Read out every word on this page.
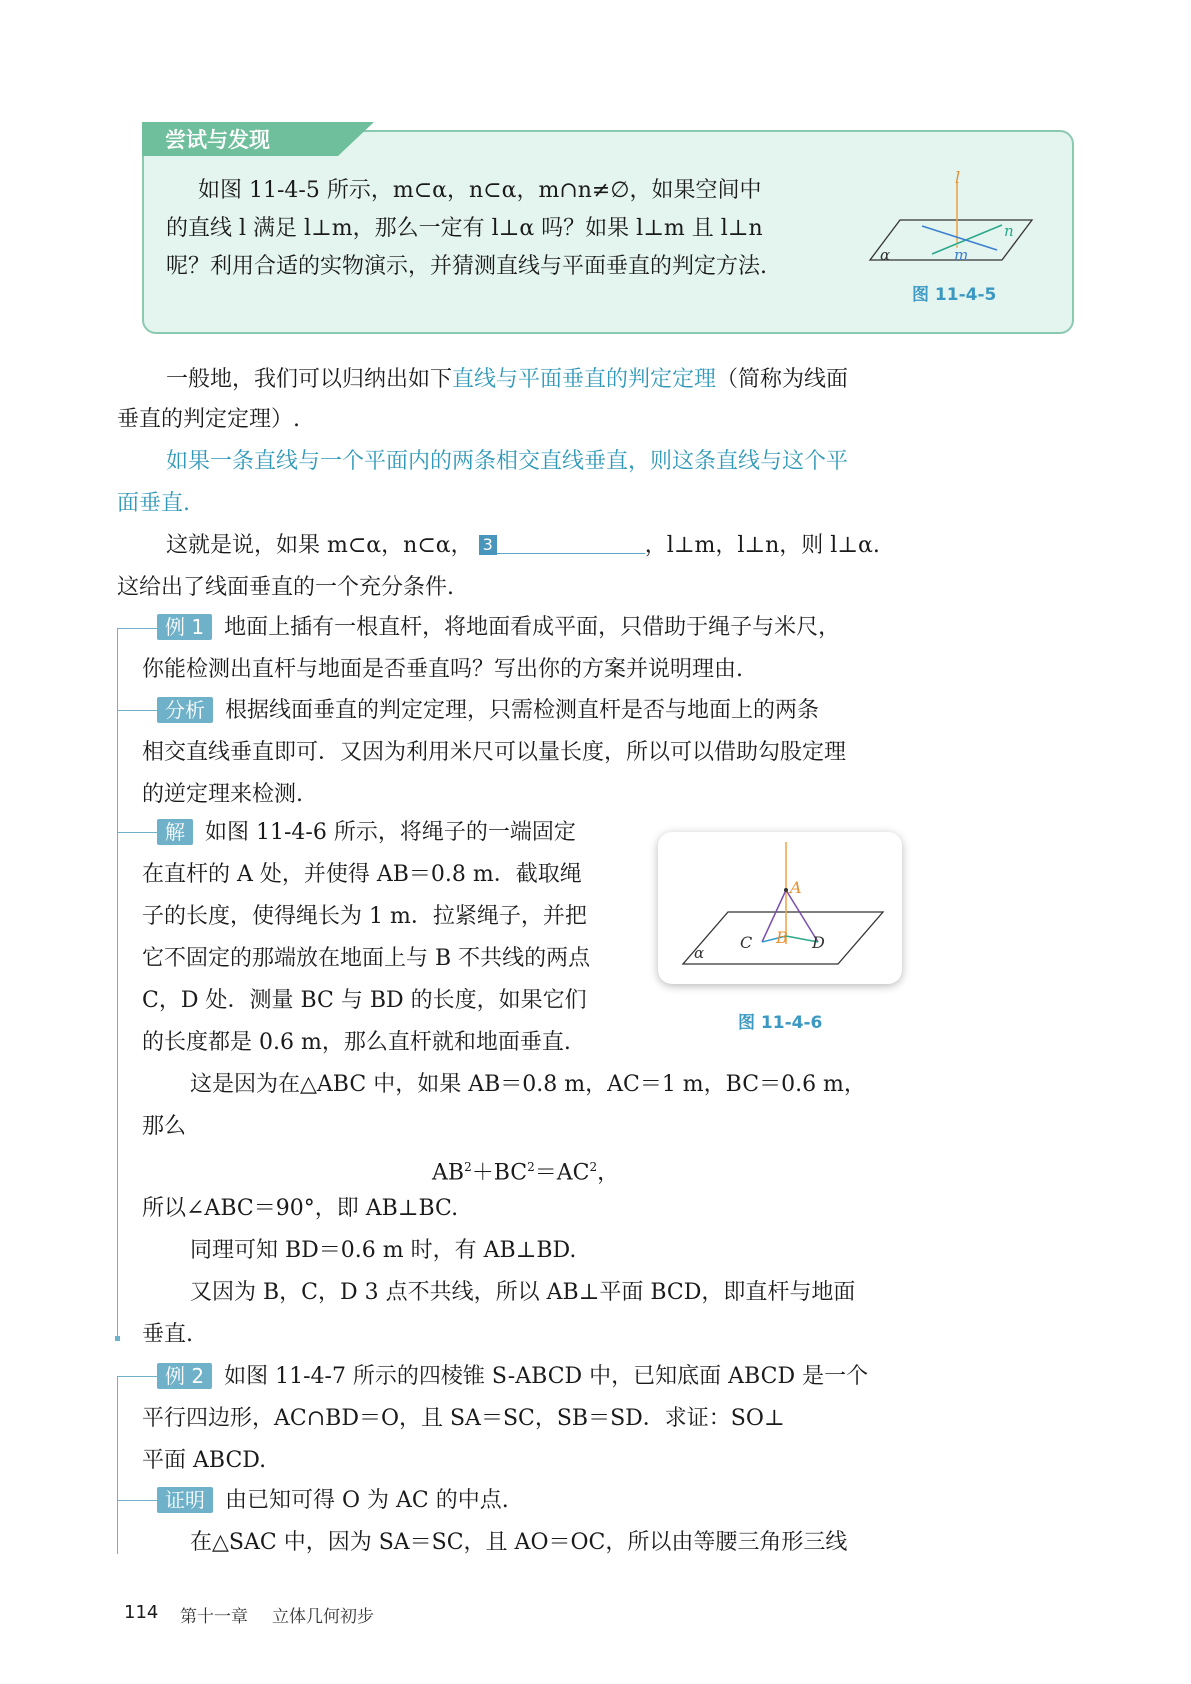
尝试与发现
如图 11-4-5 所示，m⊂α，n⊂α，m∩n≠∅，如果空间中
的直线 l 满足 l⊥m，那么一定有 l⊥α 吗？如果 l⊥m 且 l⊥n
呢？利用合适的实物演示，并猜测直线与平面垂直的判定方法.
l
n
m
α
图 11-4-5
一般地，我们可以归纳出如下直线与平面垂直的判定定理（简称为线面
垂直的判定定理）.
如果一条直线与一个平面内的两条相交直线垂直，则这条直线与这个平
面垂直.
这就是说，如果 m⊂α，n⊂α， 3	，l⊥m，l⊥n，则 l⊥α.
这给出了线面垂直的一个充分条件.
例 1 地面上插有一根直杆，将地面看成平面，只借助于绳子与米尺，
你能检测出直杆与地面是否垂直吗？写出你的方案并说明理由.
分析 根据线面垂直的判定定理，只需检测直杆是否与地面上的两条
相交直线垂直即可．又因为利用米尺可以量长度，所以可以借助勾股定理
的逆定理来检测.
解 如图 11-4-6 所示，将绳子的一端固定
在直杆的 A 处，并使得 AB＝0.8 m．截取绳
子的长度，使得绳长为 1 m．拉紧绳子，并把
它不固定的那端放在地面上与 B 不共线的两点
C，D 处．测量 BC 与 BD 的长度，如果它们
的长度都是 0.6 m，那么直杆就和地面垂直.
A
B
C	D
α
图 11-4-6
这是因为在△ABC 中，如果 AB＝0.8 m，AC＝1 m，BC＝0.6 m，
那么
$AB^2+BC^2=AC^2$，
所以∠ABC＝90°，即 AB⊥BC.
同理可知 BD＝0.6 m 时，有 AB⊥BD.
又因为 B，C，D 3 点不共线，所以 AB⊥平面 BCD，即直杆与地面
垂直.
例 2 如图 11-4-7 所示的四棱锥 S-ABCD 中，已知底面 ABCD 是一个
平行四边形，AC∩BD＝O，且 SA＝SC，SB＝SD．求证：SO⊥
平面 ABCD.
证明 由已知可得 O 为 AC 的中点.
在△SAC 中，因为 SA＝SC，且 AO＝OC，所以由等腰三角形三线
114 第十一章 立体几何初步
